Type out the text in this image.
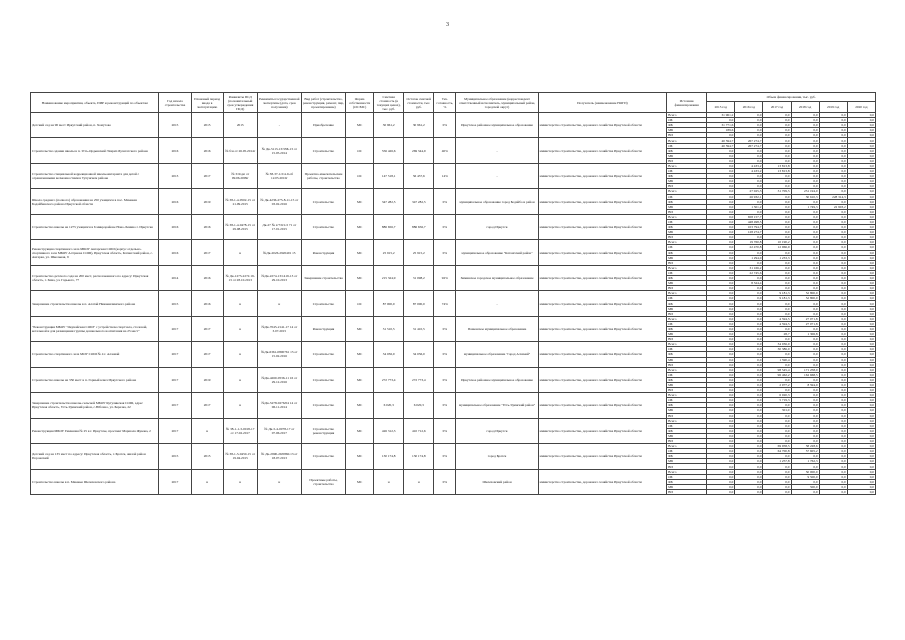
3
Наименование мероприятия, объекта, ПИР и реконструкций по объектам	Год начала строительства	Плановый период ввода в эксплуатацию	Реквизиты ПСД (положительный срок утверждения ПСД)	Реквизиты государственной экспертизы (дата, срок получения)	Вид работ (строительство, реконструкция, ремонт, пир, проектирование)	Форма собственности (ОС/МС)	Сметная стоимость (в текущих ценах), тыс. руб.	Остаток сметной стоимости, тыс. руб.	Тех. готовность, %	Муниципальное образование (корреспондент ответственный исполнитель, муниципальный район, городской округ)	Получатель (наименование НОГП)	Источник финансирования	Объем финансирования, тыс. руб.					
													2015 год	2016 год	2017 год	2018 год	2019 год	2020 год
Детский сад на 90 мест Иркутский район, п. Хомутово	2015	2015	2015	-	Приобретение	МС	30 961,2	30 961,2	0%	Иркутское районное муниципальное образование	министерство строительства, дорожного хозяйства Иркутской области	Всего	31 961,2	0,0	0,0	0,0	0,0	0,0
												ОБ	0,0	0,0	0,0	0,0	0,0	0,0
												ФБ	31 771,6	0,0	0,0	0,0	0,0	0,0
												МБ	189,6	0,0	0,0	0,0	0,0	0,0
												ВИ	0,0	0,0	0,0	0,0	0,0	0,0
Строительство здания школы в п. Усть-Ордынский Эхирит-Булагатского района	2016	2016	№ б/н от 26.05.2014г	№ Дк-5113-13/ЗЗБ-13 от 15.05.2014	Строительство	ОС	556 426,6	269 344,9	40%	-	министерство строительства, дорожного хозяйства Иркутской области	Всего	40 594,7	267 274,7	0,0	0,0	0,0	0,0
												ОБ	40 594,7	267 274,7	0,0	0,0	0,0	0,0
												ФБ	0,0	0,0	0,0	0,0	0,0	0,0
												МБ	0,0	0,0	0,0	0,0	0,0	0,0
												ВИ	0,0	0,0	0,0	0,0	0,0	0,0
Строительство специальной коррекционной школы-интерната для детей с ограниченными возможностями в Тулунском районе	2013	2017	№ 319-рп от 09.06.2009г	№ 38-37-1/2/4-0-об 12.05.2010г	Проектно-изыскательские работы, строительство	ОС	147 518,1	56 437,6	14%	-	министерство строительства, дорожного хозяйства Иркутской области	Всего	0,0	4 433,2	13 813,8	0,0	0,0	0,0
												ОБ	0,0	4 433,2	13 813,8	0,0	0,0	0,0
												ФБ	0,0	0,0	0,0	0,0	0,0	0,0
												МБ	0,0	0,0	0,0	0,0	0,0	0,0
												ВИ	0,0	0,0	0,0	0,0	0,0	0,0
Школа среднего (полного) образования на 250 учащихся в пос. Мамакан Бодайбинского района Иркутской области	2016	2019	№ 38-1-4-0502-15 от 21.09.2015	№ Дк-4236-275-8-11-15 от 03.02.2016	Строительство	МС	347 282,5	347 282,5	0%	муниципальное образование город Бодайбо и район	министерство строительства, дорожного хозяйства Иркутской области	Всего	0,0	27 025,3	31 709,5	231 194,0	0,0	0,0
												ОБ	0,0	26 932,1	0,0	30 610,3	228 314,3	0,0
												ФБ	0,0	0,0	0,0	0,0	0,0	0,0
												МБ	0,0	1 301,2	0,0	1 749,3	22 903,2	0,0
												ВИ	0,0	0,0	0,0	0,0	0,0	0,0
Строительство школы на 1275 учащихся в 6 микрорайоне Ново-Ленино г. Иркутска	2016	2016	№ 38-1-4-0478-15 от 29.08.2015	Дк-27 № 2/7/6/1/2 71 от 17.01.2015	Строительство	МС	886 656,7	886 656,7	0%	город Иркутск	министерство строительства, дорожного хозяйства Иркутской области	Всего	0,0	658 157,7	0,0	0,0	0,0	0,0
												ОБ	0,0	448 498,5	0,0	0,0	0,0	0,0
												ФБ	0,0	103 794,7	0,0	0,0	0,0	0,0
												МБ	0,0	128 274,7	0,0	0,0	0,0	0,0
												ВИ	0,0	0,0	0,0	0,0	0,0	0,0
Реконструкция спортивного зала МБОУ Ангарская СОШ (корпус отдельно-спортивного зала МБОУ Алтрнова СОШ), Иркутская область, Катангский район, с. Ангарка, ул. Школьная, 9	2016	2017	н	№Дк-2026-2920491 15	Реконструкция	МС	25 915,2	25 915,2	0%	муниципальное образование "Катангский район"	министерство строительства, дорожного хозяйства Иркутской области	Всего	0,0	19 760,8	10 190,2	0,0	0,0	0,0
												ОБ	0,0	22 470,8	12 966,9	0,0	0,0	0,0
												ФБ	0,0	0,0	0,0	0,0	0,0	0,0
												МБ	0,0	1 294,0	1 233,3	0,0	0,0	0,0
												ВИ	0,0	0,0	0,0	0,0	0,0	0,0
Строительство детского сада на 200 мест, расположенного по адресу: Иркутская область, г. Зима, ул. Горького, 77	2014	2016	№ Дк-1275-2274 19-13 от 28.10.2013	№Дк-2274-13/1419-13 от 29.10.2013	Завершение строительства	МС	215 324,9	31 098,2	92%	Зиминское городское муниципальное образование	министерство строительства, дорожного хозяйства Иркутской области	Всего	0,0	31 166,2	0,0	0,0	0,0	0,0
												ОБ	0,0	22 745,6	0,0	0,0	0,0	0,0
												ФБ	0,0	0,0	0,0	0,0	0,0	0,0
												МБ	0,0	8 324,4	0,0	0,0	0,0	0,0
												ВИ	0,0	0,0	0,0	0,0	0,0	0,0
Завершение строительства школы в п. Алатай Нижнеилимского района	2015	2016	н	н	Строительство	ОС	87 000,0	87 000,0	74%	-	министерство строительства, дорожного хозяйства Иркутской области	Всего	0,0	0,0	9 181,3	52 800,0	0,0	0,0
												ОБ	0,0	0,0	9 181,3	52 800,0	0,0	0,0
												ФБ	0,0	0,0	0,0	0,0	0,0	0,0
												МБ	0,0	0,0	0,0	0,0	0,0	0,0
												ВИ	0,0	0,0	0,0	0,0	0,0	0,0
"Реконструкция МБОУ "Окунайская СОШ" с устройством спортзала, столовой, котельной и для размещения группы дошкольного воспитания на 25 мест"	2017	2017	н	№Дк-7045-2141-17 14 от 3.07.2015	Реконструкция	МС	31 510,5	31 410,5	0%	Пашенское муниципальное образование	министерство строительства, дорожного хозяйства Иркутской области	Всего	0,0	0,0	4 594,5	27 071,8	0,0	0,0
												ОБ	0,0	0,0	4 594,5	27 071,8	0,0	0,0
												ФБ	0,0	0,0	0,0	0,0	0,0	0,0
												МБ	0,0	0,0	28,7	1 306,8	0,0	0,0
												ВИ	0,0	0,0	0,0	0,0	0,0	0,0
Строительство спортивного зала МОУ СОШ № 4 г. Алзамай	2017	2017	н	№Дк-6361-0800761 15 от 15.02.2016	Строительство	МС	34 036,0	34 036,0	0%	муниципальное образование "город Алзамай"	министерство строительства, дорожного хозяйства Иркутской области	Всего	0,0	0,0	34 036,0	0,0	0,0	0,0
												ОБ	0,0	0,0	30 386,0	0,0	0,0	0,0
												ФБ	0,0	0,0	0,0	0,0	0,0	0,0
												МБ	0,0	0,0	1 590,4	0,0	0,0	0,0
												ВИ	0,0	0,0	0,0	0,0	0,0	0,0
Строительство школы на 350 мест в п. Горный ключ Иркутского района	2017	2019	н	№Дк-4260-0536-11 16 от 29.12.2016	Строительство	МС	272 773,4	272 773,4	0%	Иркутское районное муниципальное образование	министерство строительства, дорожного хозяйства Иркутской области	Всего	0,0	0,0	98 545,4	171 258,0	0,0	0,0
												ОБ	0,0	0,0	96 462,2	162 668,5	0,0	0,0
												ФБ	0,0	0,0	0,0	0,0	0,0	0,0
												МБ	0,0	0,0	2 077,2	8 594,9	0,0	0,0
												ВИ	0,0	0,0	0,0	0,0	0,0	0,0
Завершение строительства школы-сельской МБОУ Кутуликская СОШ, адрес Иркутская область, Усть-Удинский район, с.Юбочно, ул. Березка, 22	2017	2017	н	№Дк-5278-0276/04 14 от 06.11.2014	Строительство	МС	6 020,3	6 020,3	0%	муниципальное образование "Усть-Удинский район"	министерство строительства, дорожного хозяйства Иркутской области	Всего	0,0	0,0	6 020,3	0,0	0,0	0,0
												ОБ	0,0	0,0	5 719,3	0,0	0,0	0,0
												ФБ	0,0	0,0	0,0	0,0	0,0	0,0
												МБ	0,0	0,0	301,0	0,0	0,0	0,0
												ВИ	0,0	0,0	0,0	0,0	0,0	0,0
Реконструкция МБОУ Гимназия № 25 в г. Иркутске, проспект Маршала Жукова, 2	2017	н	№ 38-1-1-3-0018-17 от 17.02.2017	№ Дк-5-4-0078-17 от 07.06.2017	Строительство реконструкция	МС	426 312,3	410 712,6	0%	город Иркутск	министерство строительства, дорожного хозяйства Иркутской области	Всего	0,0	0,0	0,0	0,0	0,0	0,0
												ОБ	0,0	0,0	0,0	0,0	0,0	0,0
												ФБ	0,0	0,0	0,0	0,0	0,0	0,0
												МБ	0,0	0,0	0,0	0,0	0,0	0,0
												ВИ	0,0	0,0	0,0	0,0	0,0	0,0
Детский сад на 135 мест по адресу: Иркутская область, г. Братск, жилой район Порожский	2015	2015	№ 38-1-5-0450-15 от 19.04.2015	№ Дк-2990-29/0860.13 от 18.07.2013	Строительство	МС	130 174,8	130 174,8	0%	город Братск	министерство строительства, дорожного хозяйства Иркутской области	Всего	0,0	0,0	69 958,5	58 228,6	0,0	0,0
												ОБ	0,0	0,0	64 700,8	57 605,2	0,0	0,0
												ФБ	0,0	0,0	0,0	0,0	0,0	0,0
												МБ	0,0	0,0	1 257,8	1 762,3	0,0	0,0
												ВИ	0,0	0,0	0,0	0,0	0,0	0,0
Строительство школы в п. Макавее Шелеховского района	2017	н	н	н	Проектные работы, строительство	МС	н	н	0%	Шелеховский район	министерство строительства, дорожного хозяйства Иркутской области	Всего	0,0	0,0	0,0	50 000,0	0,0	0,0
												ОБ	0,0	0,0	0,0	9 500,0	0,0	0,0
												ФБ	0,0	0,0	0,0	0,0	0,0	0,0
												МБ	0,0	0,0	0,0	500,0	0,0	0,0
												ВИ	0,0	0,0	0,0	0,0	0,0	0,0
